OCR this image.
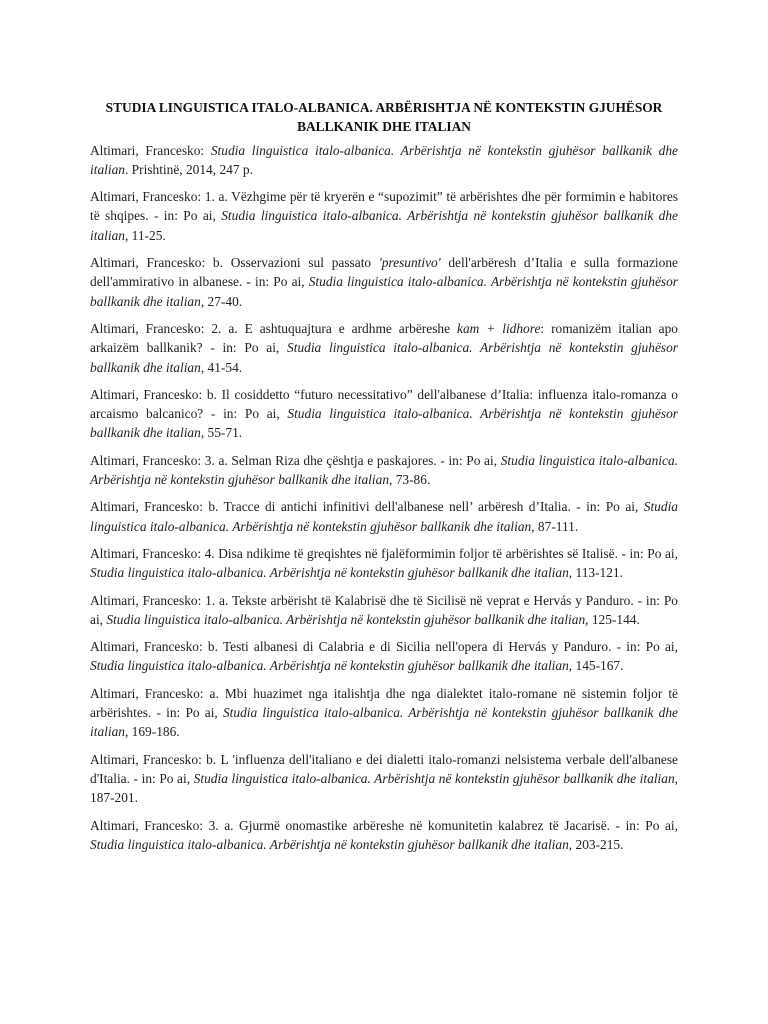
STUDIA LINGUISTICA ITALO-ALBANICA. ARBËRISHTJA NË KONTEKSTIN GJUHËSOR BALLKANIK DHE ITALIAN
Altimari, Francesko: Studia linguistica italo-albanica. Arbërishtja në kontekstin gjuhësor ballkanik dhe italian. Prishtinë, 2014, 247 p.
Altimari, Francesko: 1. a. Vëzhgime për të kryerën e “supozimit” të arbërishtes dhe për formimin e habitores të shqipes. - in: Po ai, Studia linguistica italo-albanica. Arbërishtja në kontekstin gjuhësor ballkanik dhe italian, 11-25.
Altimari, Francesko: b. Osservazioni sul passato 'presuntivo' dell'arbëresh d’Italia e sulla formazione dell'ammirativo in albanese. - in: Po ai, Studia linguistica italo-albanica. Arbërishtja në kontekstin gjuhësor ballkanik dhe italian, 27-40.
Altimari, Francesko: 2. a. E ashtuquajtura e ardhme arbëreshe kam + lidhore: romanizëm italian apo arkaizëm ballkanik? - in: Po ai, Studia linguistica italo-albanica. Arbërishtja në kontekstin gjuhësor ballkanik dhe italian, 41-54.
Altimari, Francesko: b. Il cosiddetto “futuro necessitativo” dell'albanese d’Italia: influenza italo-romanza o arcaismo balcanico? - in: Po ai, Studia linguistica italo-albanica. Arbërishtja në kontekstin gjuhësor ballkanik dhe italian, 55-71.
Altimari, Francesko: 3. a. Selman Riza dhe çështja e paskajores. - in: Po ai, Studia linguistica italo-albanica. Arbërishtja në kontekstin gjuhësor ballkanik dhe italian, 73-86.
Altimari, Francesko: b. Tracce di antichi infinitivi dell'albanese nell’ arbëresh d’Italia. - in: Po ai, Studia linguistica italo-albanica. Arbërishtja në kontekstin gjuhësor ballkanik dhe italian, 87-111.
Altimari, Francesko: 4. Disa ndikime të greqishtes në fjalëformimin foljor të arbërishtes së Italisë. - in: Po ai, Studia linguistica italo-albanica. Arbërishtja në kontekstin gjuhësor ballkanik dhe italian, 113-121.
Altimari, Francesko: 1. a. Tekste arbërisht të Kalabrisë dhe të Sicilisë në veprat e Hervás y Panduro. - in: Po ai, Studia linguistica italo-albanica. Arbërishtja në kontekstin gjuhësor ballkanik dhe italian, 125-144.
Altimari, Francesko: b. Testi albanesi di Calabria e di Sicilia nell'opera di Hervás y Panduro. - in: Po ai, Studia linguistica italo-albanica. Arbërishtja në kontekstin gjuhësor ballkanik dhe italian, 145-167.
Altimari, Francesko: a. Mbi huazimet nga italishtja dhe nga dialektet italo-romane në sistemin foljor të arbërishtes. - in: Po ai, Studia linguistica italo-albanica. Arbërishtja në kontekstin gjuhësor ballkanik dhe italian, 169-186.
Altimari, Francesko: b. L 'influenza dell'italiano e dei dialetti italo-romanzi nelsistema verbale dell'albanese d'Italia. - in: Po ai, Studia linguistica italo-albanica. Arbërishtja në kontekstin gjuhësor ballkanik dhe italian, 187-201.
Altimari, Francesko: 3. a. Gjurmë onomastike arbëreshe në komunitetin kalabrez të Jacarisë. - in: Po ai, Studia linguistica italo-albanica. Arbërishtja në kontekstin gjuhësor ballkanik dhe italian, 203-215.
